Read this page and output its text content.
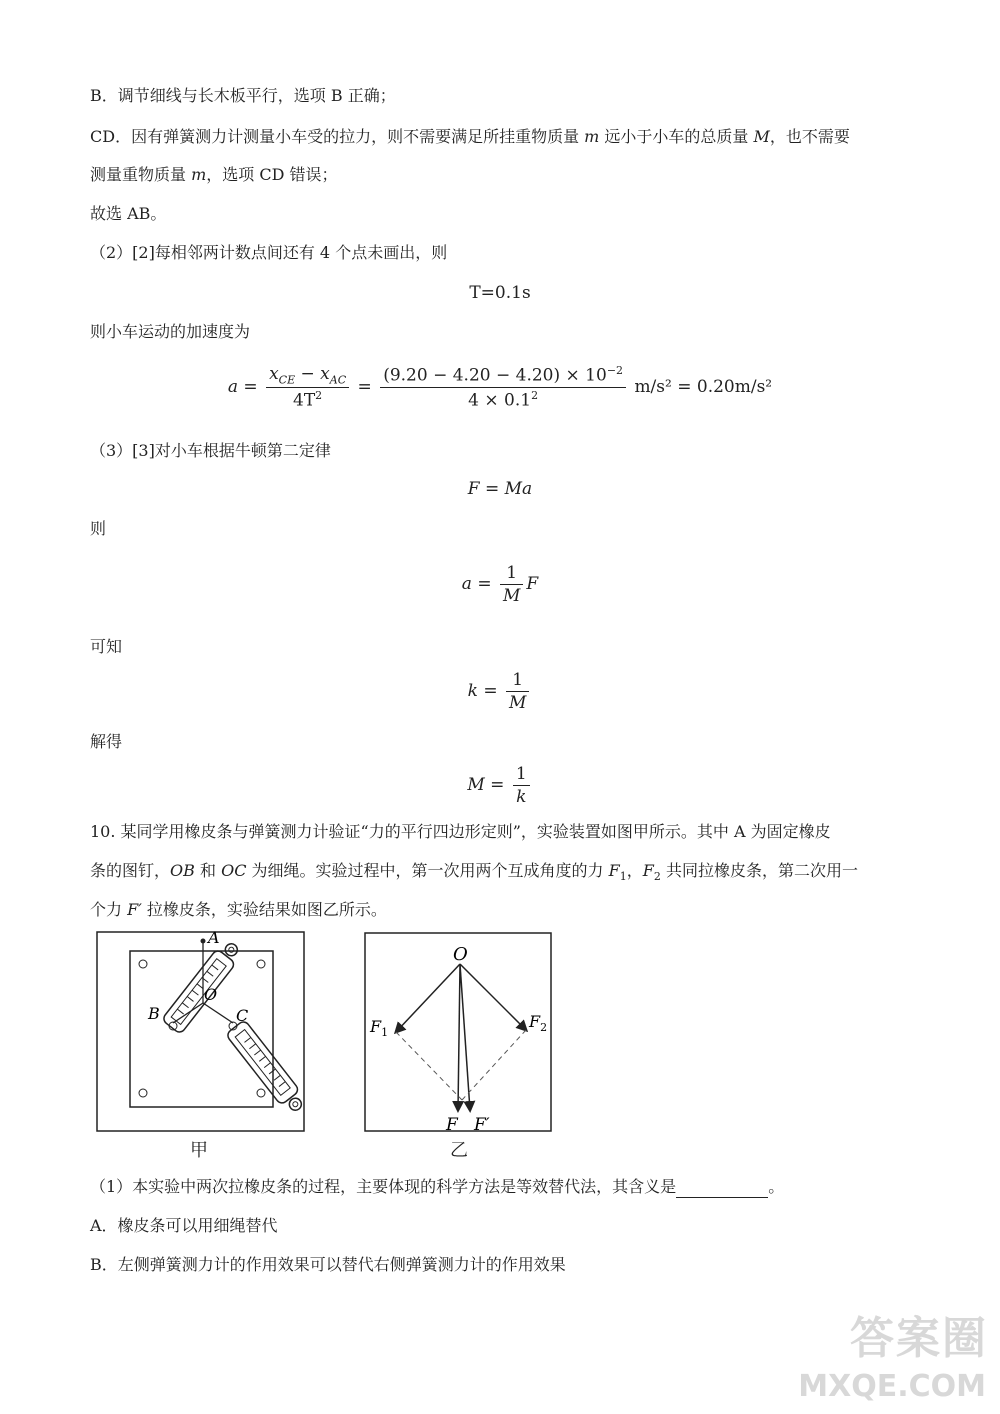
B．调节细线与长木板平行，选项 B 正确；
CD．因有弹簧测力计测量小车受的拉力，则不需要满足所挂重物质量 m 远小于小车的总质量 M，也不需要
测量重物质量 m，选项 CD 错误；
故选 AB。
（2）[2]每相邻两计数点间还有 4 个点未画出，则
T=0.1s
则小车运动的加速度为
$a = \frac{x_{CE} - x_{AC}}{4T^2} = \frac{(9.20 - 4.20 - 4.20) \times 10^{-2}}{4 \times 0.1^2} m/s^2 = 0.20m/s^2$
（3）[3]对小车根据牛顿第二定律
F = Ma
则
$a = \frac{1}{M}$ F
可知
$k = \frac{1}{M}$
解得
$M = \frac{1}{k}$
10. 某同学用橡皮条与弹簧测力计验证“力的平行四边形定则”，实验装置如图甲所示。其中 A 为固定橡皮
条的图钉，OB 和 OC 为细绳。实验过程中，第一次用两个互成角度的力 $F_1$，$F_2$ 共同拉橡皮条，第二次用一
个力 F′ 拉橡皮条，实验结果如图乙所示。
A
O
B	C
甲
O
$F_1$
$F_2$
F F′
乙
（1）本实验中两次拉橡皮条的过程，主要体现的科学方法是等效替代法，其含义是	。
A．橡皮条可以用细绳替代
B．左侧弹簧测力计的作用效果可以替代右侧弹簧测力计的作用效果
答案圈
MXQE.COM
